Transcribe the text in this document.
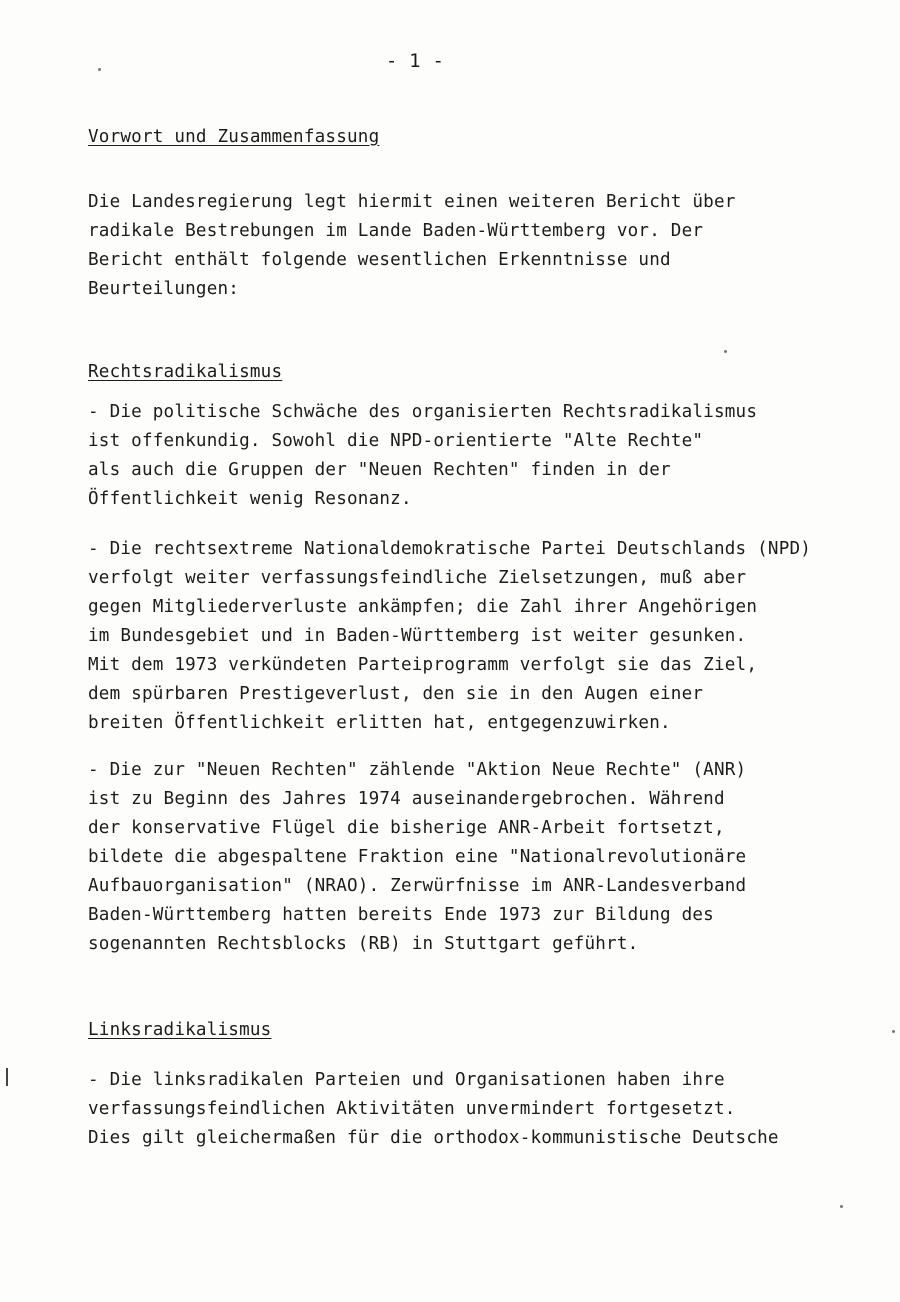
- 1 -
Vorwort und Zusammenfassung

Die Landesregierung legt hiermit einen weiteren Bericht über
radikale Bestrebungen im Lande Baden-Württemberg vor. Der
Bericht enthält folgende wesentlichen Erkenntnisse und
Beurteilungen:

Rechtsradikalismus

- Die politische Schwäche des organisierten Rechtsradikalismus
ist offenkundig. Sowohl die NPD-orientierte "Alte Rechte"
als auch die Gruppen der "Neuen Rechten" finden in der
Öffentlichkeit wenig Resonanz.

- Die rechtsextreme Nationaldemokratische Partei Deutschlands (NPD)
verfolgt weiter verfassungsfeindliche Zielsetzungen, muß aber
gegen Mitgliederverluste ankämpfen; die Zahl ihrer Angehörigen
im Bundesgebiet und in Baden-Württemberg ist weiter gesunken.
Mit dem 1973 verkündeten Parteiprogramm verfolgt sie das Ziel,
dem spürbaren Prestigeverlust, den sie in den Augen einer
breiten Öffentlichkeit erlitten hat, entgegenzuwirken.

- Die zur "Neuen Rechten" zählende "Aktion Neue Rechte" (ANR)
ist zu Beginn des Jahres 1974 auseinandergebrochen. Während
der konservative Flügel die bisherige ANR-Arbeit fortsetzt,
bildete die abgespaltene Fraktion eine "Nationalrevolutionäre
Aufbauorganisation" (NRAO). Zerwürfnisse im ANR-Landesverband
Baden-Württemberg hatten bereits Ende 1973 zur Bildung des
sogenannten Rechtsblocks (RB) in Stuttgart geführt.

Linksradikalismus

- Die linksradikalen Parteien und Organisationen haben ihre
verfassungsfeindlichen Aktivitäten unvermindert fortgesetzt.
Dies gilt gleichermaßen für die orthodox-kommunistische Deutsche
